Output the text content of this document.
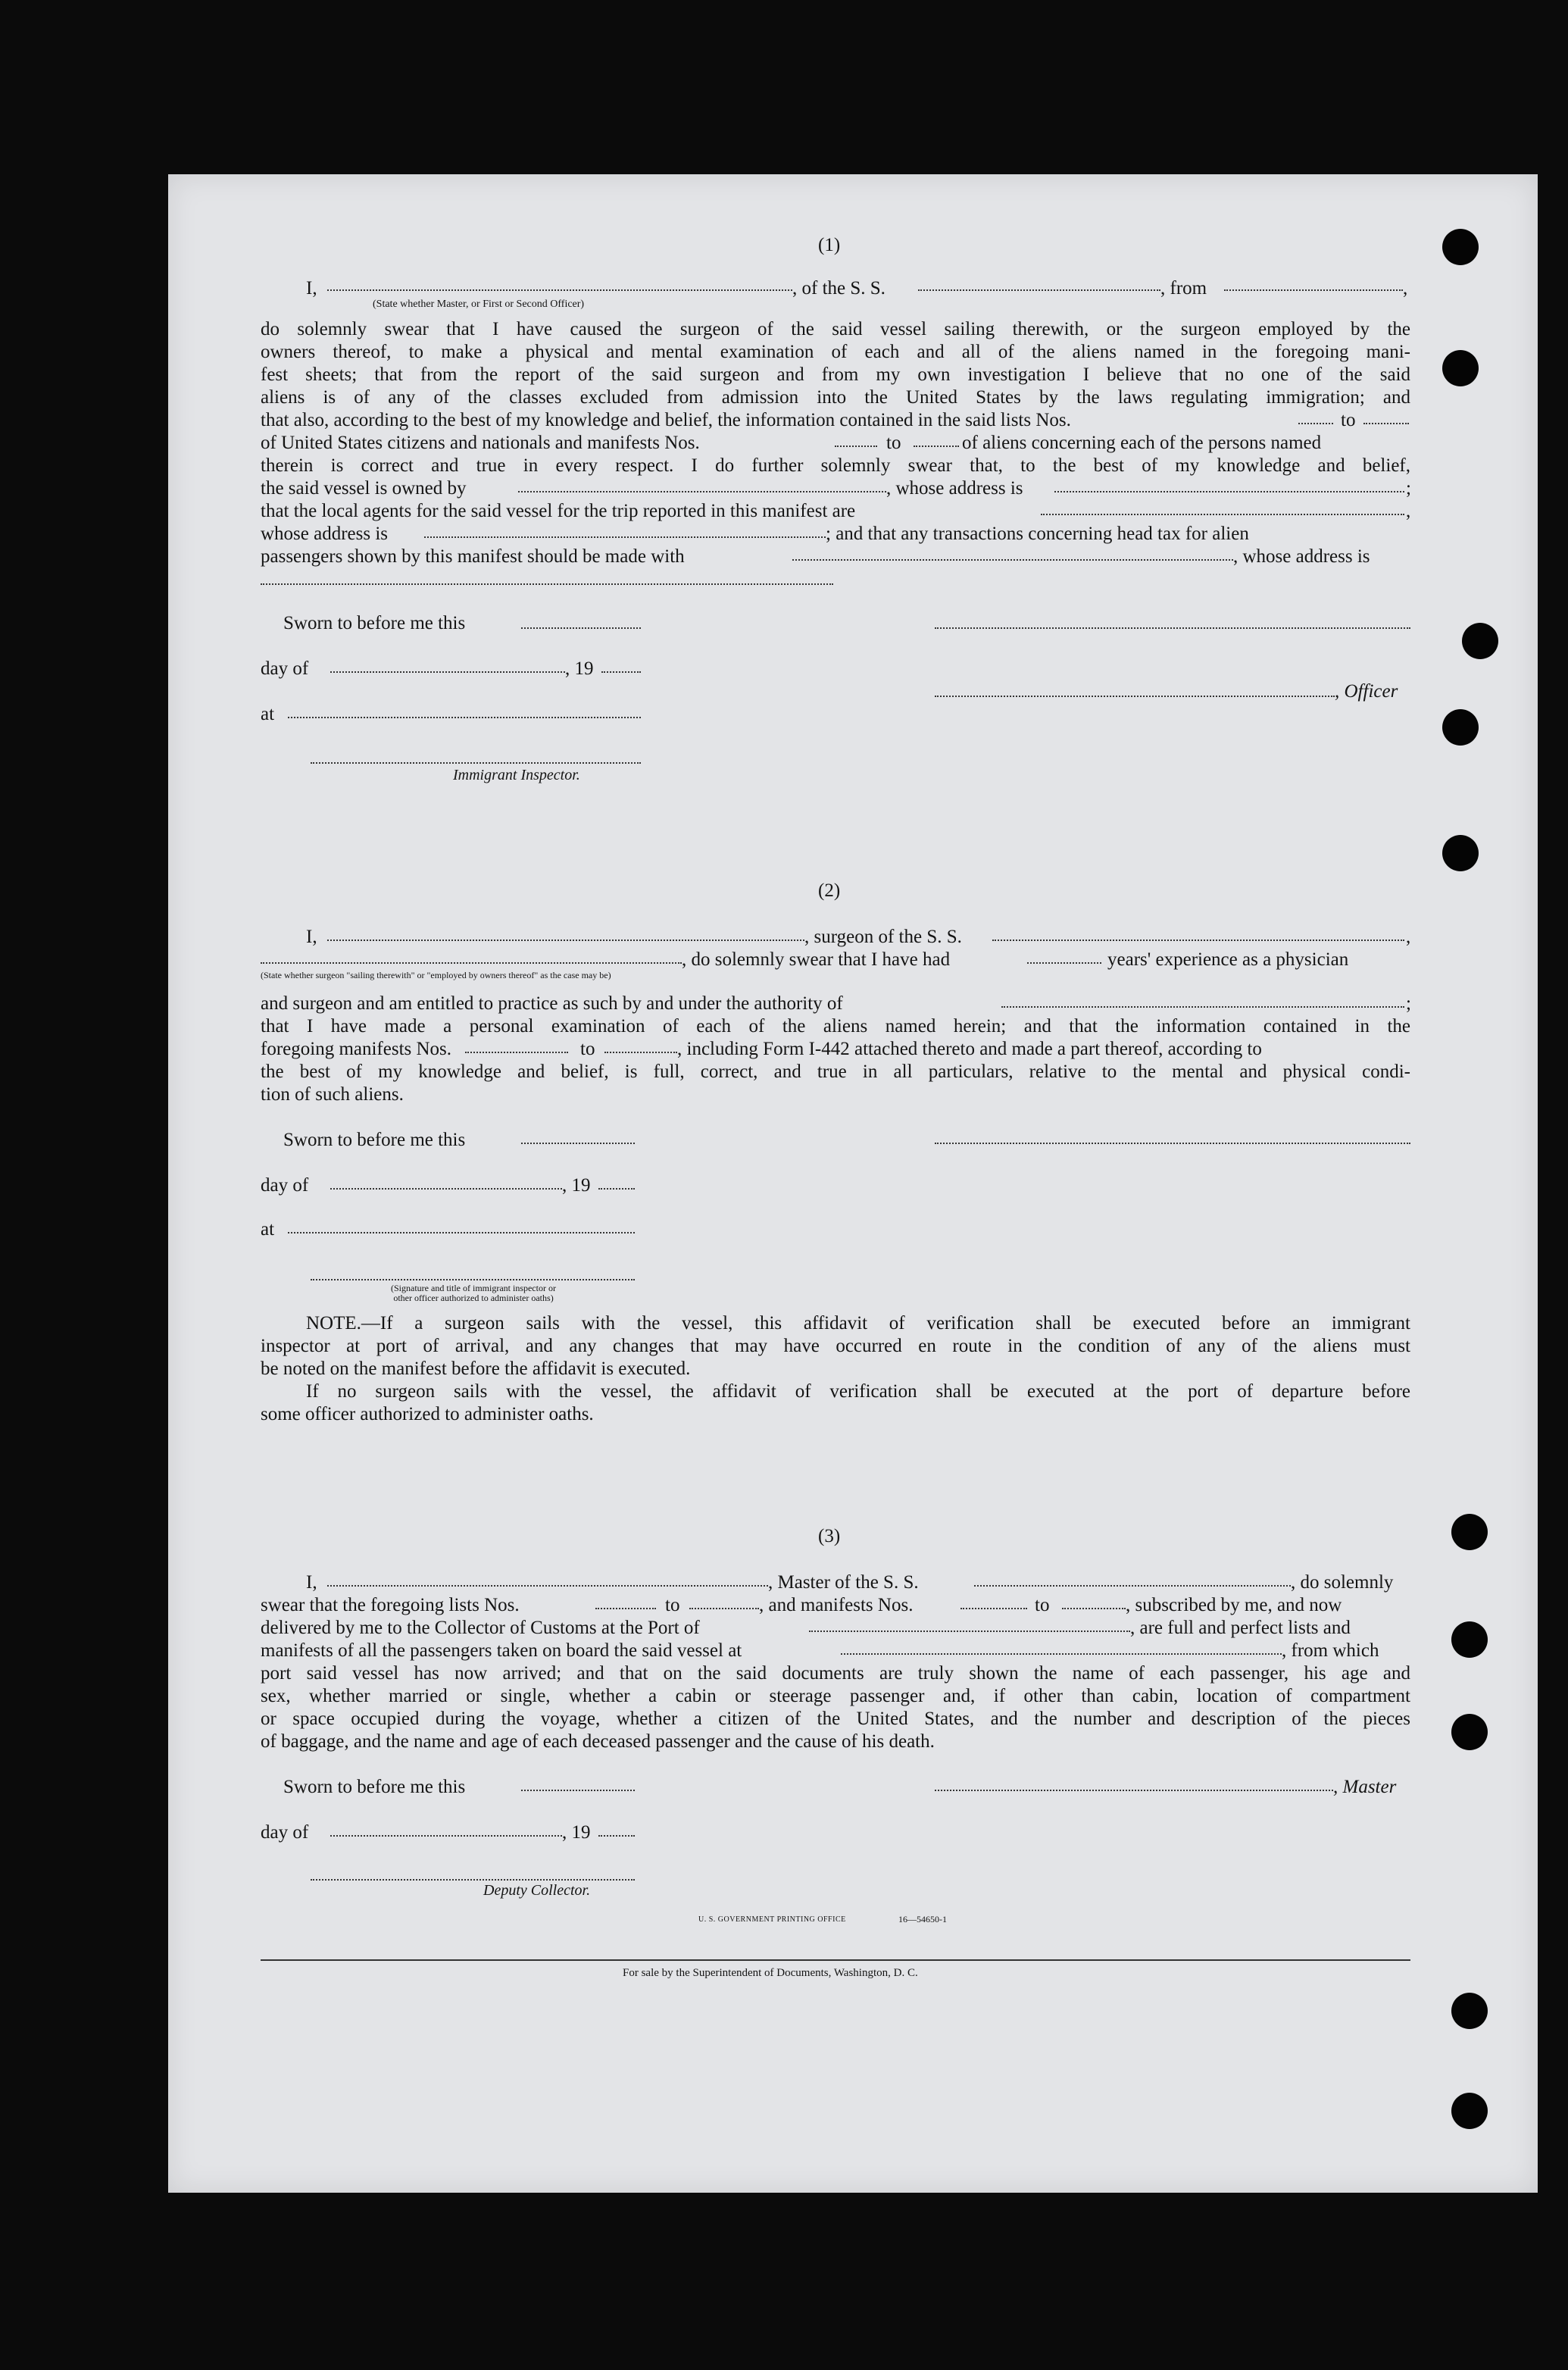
(1)
I,
(State whether Master, or First or Second Officer)
, of the S. S.	, from	,
do solemnly swear that I have caused the surgeon of the said vessel sailing therewith, or the surgeon employed by the
owners thereof, to make a physical and mental examination of each and all of the aliens named in the foregoing mani-
fest sheets; that from the report of the said surgeon and from my own investigation I believe that no one of the said
aliens is of any of the classes excluded from admission into the United States by the laws regulating immigration; and
that also, according to the best of my knowledge and belief, the information contained in the said lists Nos.	to
of United States citizens and nationals and manifests Nos.	to	of aliens concerning each of the persons named
therein is correct and true in every respect. I do further solemnly swear that, to the best of my knowledge and belief,
the said vessel is owned by	, whose address is	;
that the local agents for the said vessel for the trip reported in this manifest are	,
whose address is	; and that any transactions concerning head tax for alien
passengers shown by this manifest should be made with	, whose address is
Sworn to before me this
day of	, 19
, Officer
at
Immigrant Inspector.
(2)
I,	, surgeon of the S. S.	,
, do solemnly swear that I have had	years' experience as a physician
(State whether surgeon "sailing therewith" or "employed by owners thereof" as the case may be)
and surgeon and am entitled to practice as such by and under the authority of	;
that I have made a personal examination of each of the aliens named herein; and that the information contained in the
foregoing manifests Nos.	to	, including Form I-442 attached thereto and made a part thereof, according to
the best of my knowledge and belief, is full, correct, and true in all particulars, relative to the mental and physical condi-
tion of such aliens.
Sworn to before me this
day of	, 19
at
(Signature and title of immigrant inspector or
other officer authorized to administer oaths)
NOTE.—If a surgeon sails with the vessel, this affidavit of verification shall be executed before an immigrant
inspector at port of arrival, and any changes that may have occurred en route in the condition of any of the aliens must
be noted on the manifest before the affidavit is executed.
If no surgeon sails with the vessel, the affidavit of verification shall be executed at the port of departure before
some officer authorized to administer oaths.
(3)
I,	, Master of the S. S.	, do solemnly
swear that the foregoing lists Nos.	to	, and manifests Nos.	to	, subscribed by me, and now
delivered by me to the Collector of Customs at the Port of	, are full and perfect lists and
manifests of all the passengers taken on board the said vessel at	, from which
port said vessel has now arrived; and that on the said documents are truly shown the name of each passenger, his age and
sex, whether married or single, whether a cabin or steerage passenger and, if other than cabin, location of compartment
or space occupied during the voyage, whether a citizen of the United States, and the number and description of the pieces
of baggage, and the name and age of each deceased passenger and the cause of his death.
Sworn to before me this	, Master
day of	, 19
Deputy Collector.
U. S. GOVERNMENT PRINTING OFFICE	16—54650-1
For sale by the Superintendent of Documents, Washington, D. C.
